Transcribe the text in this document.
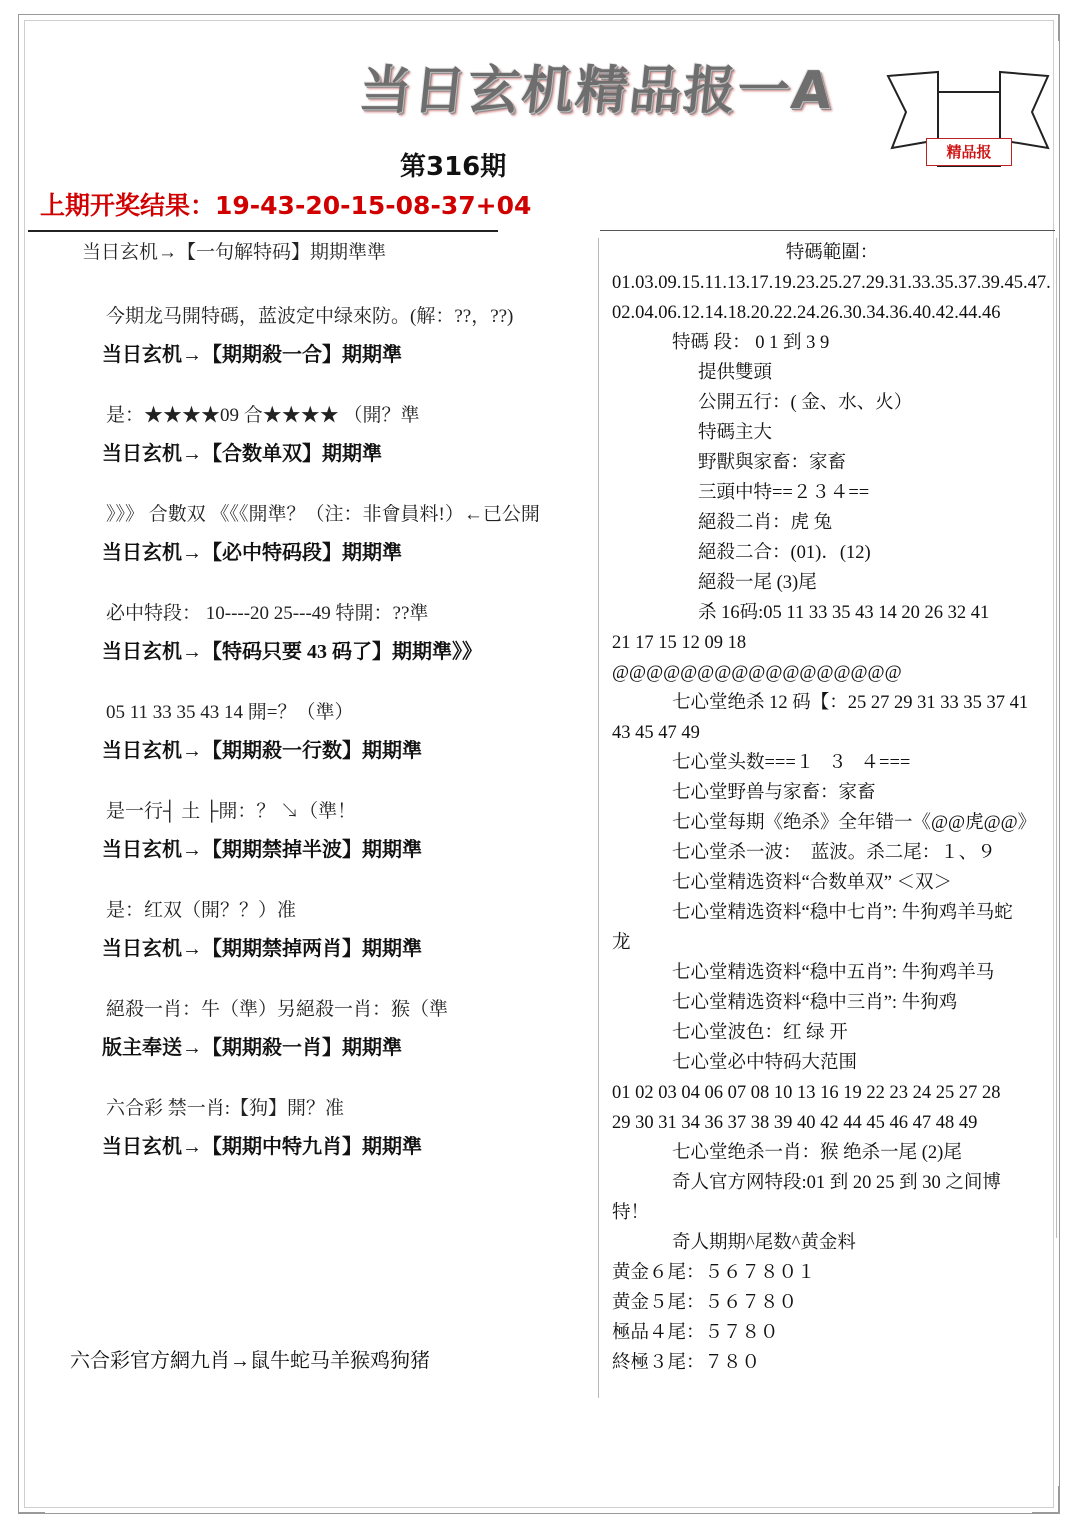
当日玄机精品报一A
精品报
第316期
上期开奖结果：19-43-20-15-08-37+04
当日玄机→【一句解特码】期期準準
今期龙马開特碼，蓝波定中绿來防。(解：??，??)
当日玄机→【期期殺一合】期期準
是：★★★★09 合★★★★ （開？準
当日玄机→【合数单双】期期準
》》》 合數双 《《《開準？（注：非會員料!）←已公開
当日玄机→【必中特码段】期期準
必中特段： 10----20 25---49 特開：??準
当日玄机→【特码只要 43 码了】期期準》》
05 11 33 35 43 14 開=？（準）
当日玄机→【期期殺一行数】期期準
是一行┤ 土 ├開：？ ↘（準！
当日玄机→【期期禁掉半波】期期準
是：红双（開？？）准
当日玄机→【期期禁掉两肖】期期準
絕殺一肖：牛（準）另絕殺一肖：猴（準
版主奉送→【期期殺一肖】期期準
六合彩 禁一肖:【狗】開？准
当日玄机→【期期中特九肖】期期準
六合彩官方網九肖→鼠牛蛇马羊猴鸡狗猪
特碼範圍：
01.03.09.15.11.13.17.19.23.25.27.29.31.33.35.37.39.45.47.
02.04.06.12.14.18.20.22.24.26.30.34.36.40.42.44.46
特碼 段： 0 1 到 3 9
提供雙頭
公開五行：( 金、水、火）
特碼主大
野獸與家畜：家畜
三頭中特==２３４==
絕殺二肖：虎 兔
絕殺二合：(01)．(12)
絕殺一尾 (3)尾
杀 16码:05 11 33 35 43 14 20 26 32 41
21 17 15 12 09 18
@@@@@@@@@@@@@@@@@
七心堂绝杀 12 码【：25 27 29 31 33 35 37 41
43 45 47 49
七心堂头数===１   ３   ４===
七心堂野兽与家畜：家畜
七心堂每期《绝杀》全年错一《@@虎@@》
七心堂杀一波：  蓝波。杀二尾：１、９
七心堂精选资料“合数单双” ＜双＞
七心堂精选资料“稳中七肖”: 牛狗鸡羊马蛇
龙
七心堂精选资料“稳中五肖”: 牛狗鸡羊马
七心堂精选资料“稳中三肖”: 牛狗鸡
七心堂波色：红 绿 开
七心堂必中特码大范围
01 02 03 04 06 07 08 10 13 16 19 22 23 24 25 27 28
29 30 31 34 36 37 38 39 40 42 44 45 46 47 48 49
七心堂绝杀一肖：猴 绝杀一尾 (2)尾
奇人官方网特段:01 到 20 25 到 30 之间博
特！
奇人期期^尾数^黄金料
黄金６尾：５６７８０１
黄金５尾：５６７８０
極品４尾：５７８０
終極３尾：７８０
